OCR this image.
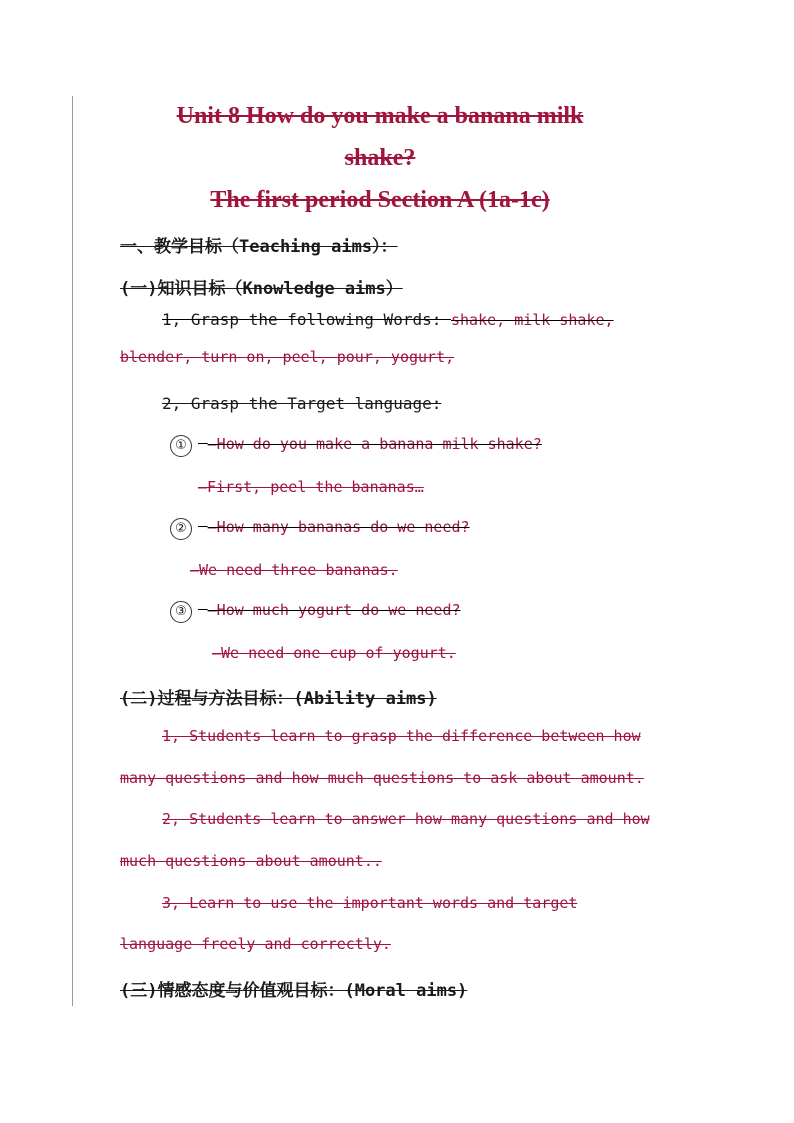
Unit 8 How do you make a banana milk
shake?
The first period Section A (1a-1c)
一、教学目标（Teaching aims）：
(一)知识目标（Knowledge aims）
1, Grasp the following Words: shake, milk shake,
blender, turn on, peel, pour, yogurt,
2, Grasp the Target language:
① —How do you make a banana milk shake?
—First, peel the bananas…
② —How many bananas do we need?
—We need three bananas.
③ —How much yogurt do we need?
—We need one cup of yogurt.
(二)过程与方法目标：(Ability aims)
1, Students learn to grasp the difference between how
many questions and how much questions to ask about amount.
2, Students learn to answer how many questions and how
much questions about amount..
3, Learn to use the important words and target
language freely and correctly.
(三)情感态度与价值观目标：(Moral aims)
